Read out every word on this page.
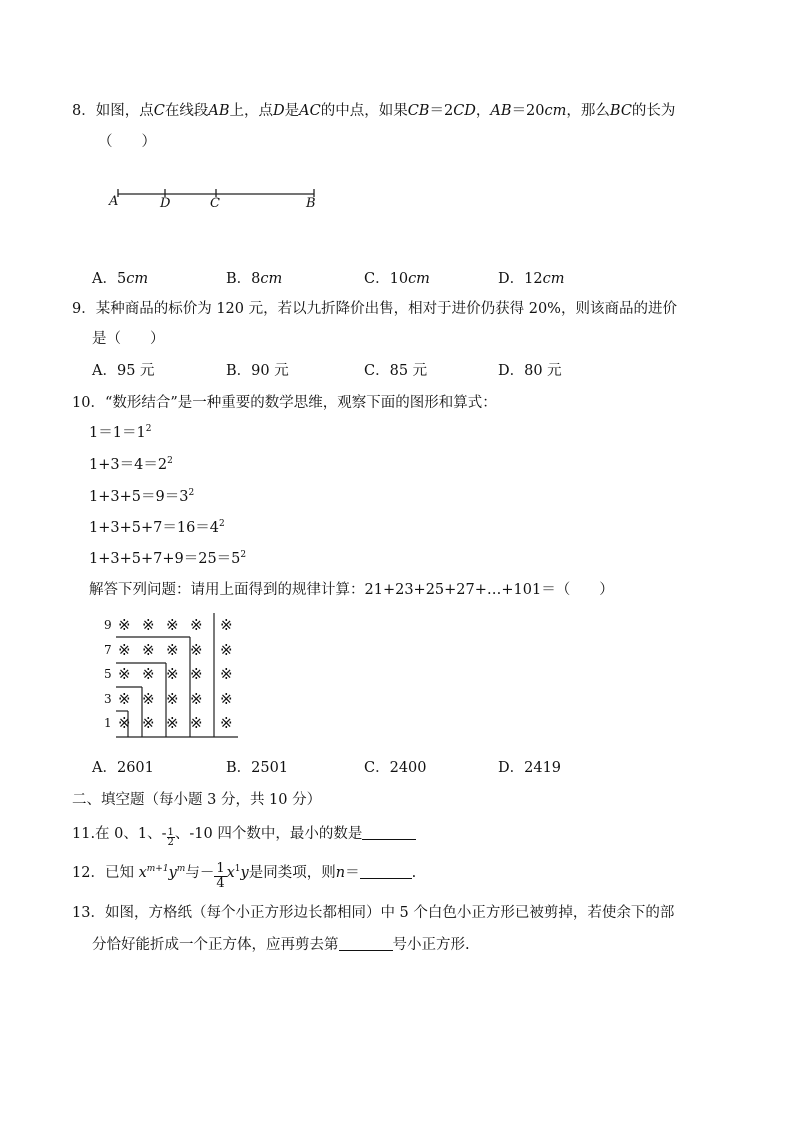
8．如图，点C在线段AB上，点D是AC的中点，如果CB＝2CD，AB＝20cm，那么BC的长为
（　　）
A	D	C	B
A．5cm	B．8cm	C．10cm	D．12cm
9．某种商品的标价为 120 元，若以九折降价出售，相对于进价仍获得 20%，则该商品的进价
是（　　）
A．95 元	B．90 元	C．85 元	D．80 元
10．“数形结合”是一种重要的数学思维，观察下面的图形和算式：
$1=1=1^2$
$1+3=4=2^2$
$1+3+5=9=3^2$
$1+3+5+7=16=4^2$
$1+3+5+7+9=25=5^2$
解答下列问题：请用上面得到的规律计算：21+23+25+27+…+101＝（　　）
9
7
5
3
1
※ ※ ※ ※ ※
※ ※ ※ ※ ※
※ ※ ※ ※ ※
※ ※ ※ ※ ※
※ ※ ※ ※ ※
A．2601	B．2501	C．2400	D．2419
二、填空题（每小题 3 分，共 10 分）
11.在 0、1、- $\frac{1}{2}$ 、-10 四个数中，最小的数是
12．已知 $x^{m+1}y^m$与－ $\frac{1}{4} x^1y$是同类项，则n＝	.
13．如图，方格纸（每个小正方形边长都相同）中 5 个白色小正方形已被剪掉，若使余下的部
分恰好能折成一个正方体，应再剪去第	号小正方形.
